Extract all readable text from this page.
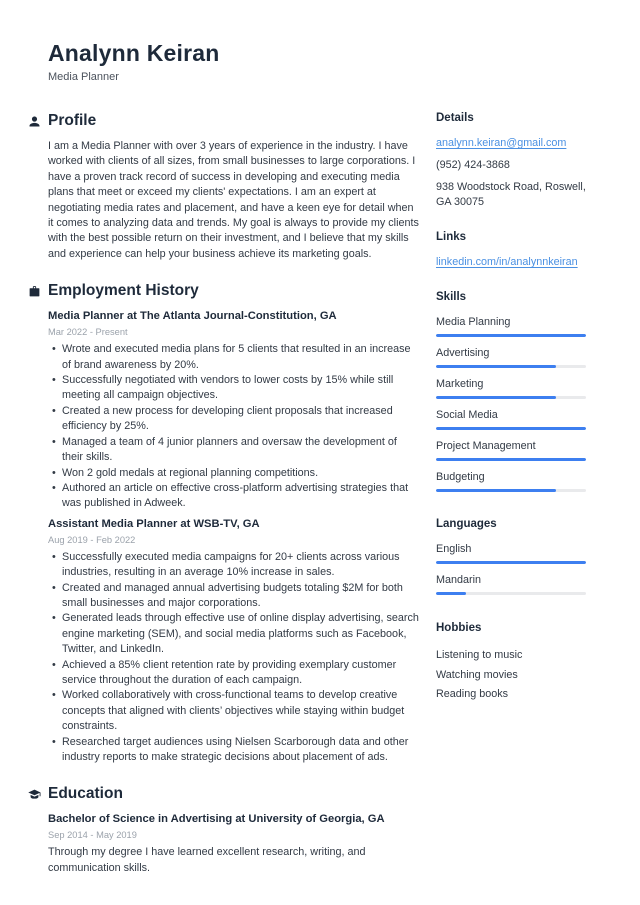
Analynn Keiran
Media Planner
Profile

I am a Media Planner with over 3 years of experience in the industry. I have worked with clients of all sizes, from small businesses to large corporations. I have a proven track record of success in developing and executing media plans that meet or exceed my clients' expectations. I am an expert at negotiating media rates and placement, and have a keen eye for detail when it comes to analyzing data and trends. My goal is always to provide my clients with the best possible return on their investment, and I believe that my skills and experience can help your business achieve its marketing goals.

Employment History
Media Planner at The Atlanta Journal-Constitution, GA
Mar 2022 - Present
• Wrote and executed media plans for 5 clients that resulted in an increase of brand awareness by 20%.
• Successfully negotiated with vendors to lower costs by 15% while still meeting all campaign objectives.
• Created a new process for developing client proposals that increased efficiency by 25%.
• Managed a team of 4 junior planners and oversaw the development of their skills.
• Won 2 gold medals at regional planning competitions.
• Authored an article on effective cross-platform advertising strategies that was published in Adweek.
Assistant Media Planner at WSB-TV, GA
Aug 2019 - Feb 2022
• Successfully executed media campaigns for 20+ clients across various industries, resulting in an average 10% increase in sales.
• Created and managed annual advertising budgets totaling $2M for both small businesses and major corporations.
• Generated leads through effective use of online display advertising, search engine marketing (SEM), and social media platforms such as Facebook, Twitter, and LinkedIn.
• Achieved a 85% client retention rate by providing exemplary customer service throughout the duration of each campaign.
• Worked collaboratively with cross-functional teams to develop creative concepts that aligned with clients’ objectives while staying within budget constraints.
• Researched target audiences using Nielsen Scarborough data and other industry reports to make strategic decisions about placement of ads.
Education
Bachelor of Science in Advertising at University of Georgia, GA
Sep 2014 - May 2019
Through my degree I have learned excellent research, writing, and communication skills.
Details
analynn.keiran@gmail.com
(952) 424-3868
938 Woodstock Road, Roswell, GA 30075
Links
linkedin.com/in/analynnkeiran
Skills
Media Planning
Advertising
Marketing
Social Media
Project Management
Budgeting
Languages
English
Mandarin
Hobbies
Listening to music
Watching movies
Reading books
